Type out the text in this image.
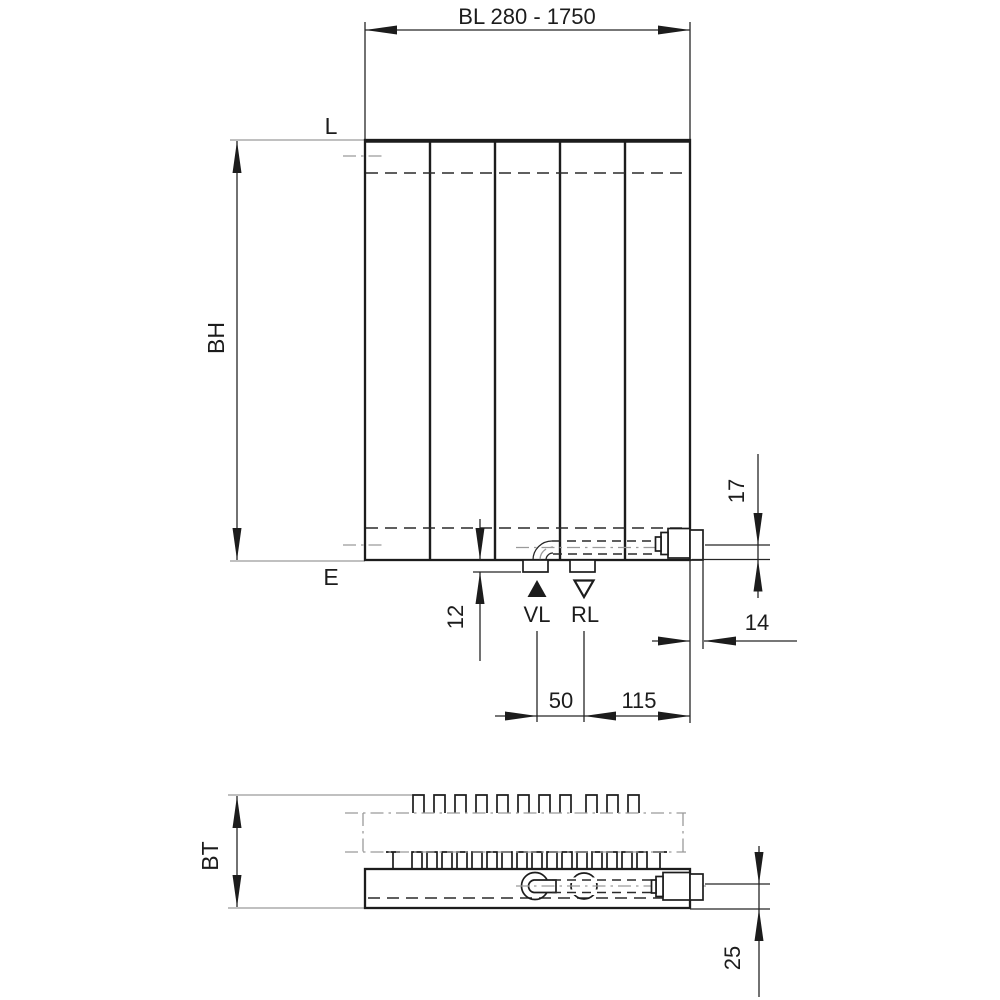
BL 280 - 1750
L
E
BH
12	VL RL
50 115
14
17
BT
25
